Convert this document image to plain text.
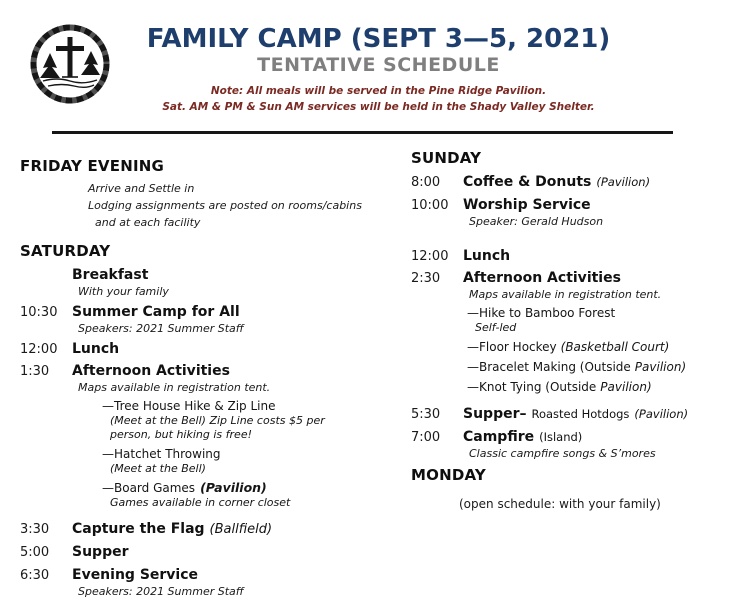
FAMILY CAMP (SEPT 3—5, 2021)
TENTATIVE SCHEDULE
Note: All meals will be served in the Pine Ridge Pavilion.
Sat. AM & PM & Sun AM services will be held in the Shady Valley Shelter.
FRIDAY EVENING
Arrive and Settle in
Lodging assignments are posted on rooms/cabins
and at each facility
SATURDAY
Breakfast
With your family
10:30	Summer Camp for All
Speakers: 2021 Summer Staff
12:00	Lunch
1:30	Afternoon Activities
Maps available in registration tent.
—Tree House Hike & Zip Line
(Meet at the Bell) Zip Line costs $5 per person, but hiking is free!
—Hatchet Throwing
(Meet at the Bell)
—Board Games (Pavilion)
Games available in corner closet
3:30	Capture the Flag (Ballfield)
5:00	Supper
6:30	Evening Service
Speakers: 2021 Summer Staff
SUNDAY
8:00	Coffee & Donuts (Pavilion)
10:00	Worship Service
Speaker: Gerald Hudson
12:00	Lunch
2:30	Afternoon Activities
Maps available in registration tent.
—Hike to Bamboo Forest
Self-led
—Floor Hockey (Basketball Court)
—Bracelet Making (Outside Pavilion)
—Knot Tying (Outside Pavilion)
5:30	Supper– Roasted Hotdogs (Pavilion)
7:00	Campfire (Island)
Classic campfire songs & S’mores
MONDAY
(open schedule: with your family)
